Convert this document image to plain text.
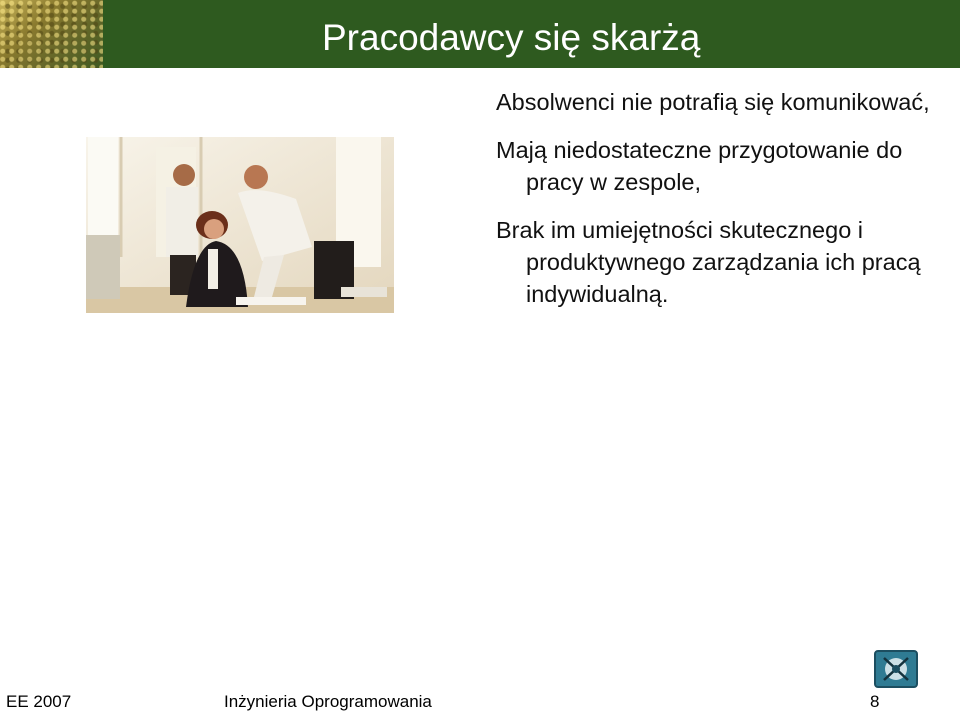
Pracodawcy się skarżą
Absolwenci nie potrafią się komunikować,
Mają niedostateczne przygotowanie do pracy w zespole,
Brak im umiejętności skutecznego i produktywnego zarządzania ich pracą indywidualną.
EE 2007	Inżynieria Oprogramowania	8
